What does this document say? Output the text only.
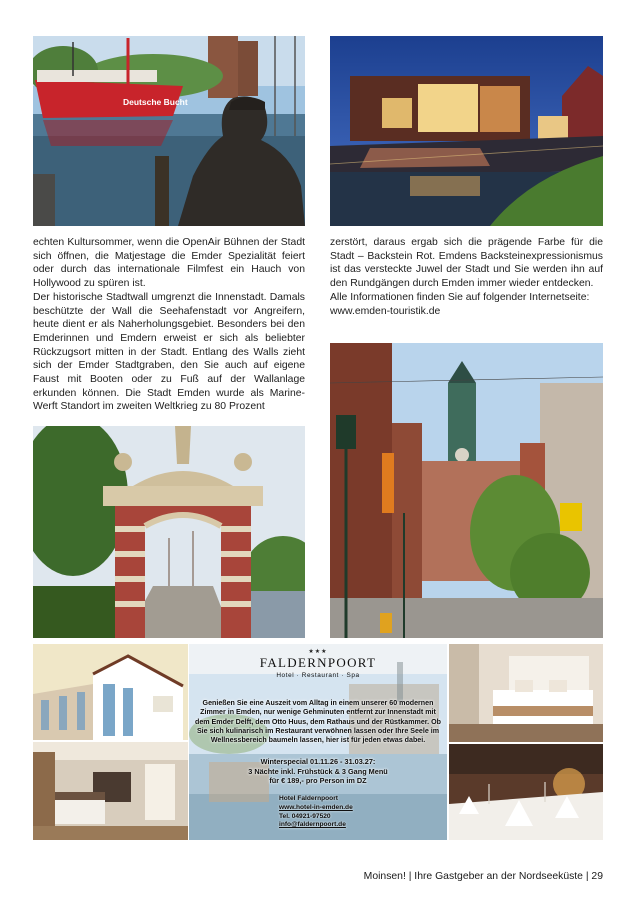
Deutsche Bucht

echten Kultursommer, wenn die OpenAir Bühnen der Stadt sich öffnen, die Matjestage die Emder Spezialität feiert oder durch das internationale Filmfest ein Hauch von Hollywood zu spüren ist.

Der historische Stadtwall umgrenzt die Innenstadt. Damals beschützte der Wall die Seehafenstadt vor Angreifern, heute dient er als Naherholungsgebiet. Besonders bei den Emderinnen und Emdern erweist er sich als beliebter Rückzugsort mitten in der Stadt. Entlang des Walls zieht sich der Emder Stadtgraben, den Sie auch auf eigene Faust mit Booten oder zu Fuß auf der Wallanlage erkunden können. Die Stadt Emden wurde als Marine-Werft Standort im zweiten Weltkrieg zu 80 Prozent

zerstört, daraus ergab sich die prägende Farbe für die Stadt – Backstein Rot. Emdens Backsteinexpressionismus ist das versteckte Juwel der Stadt und Sie werden ihn auf den Rundgängen durch Emden immer wieder entdecken.

Alle Informationen finden Sie auf folgender Internetseite:

www.emden-touristik.de

★★★
FALDERNPOORT
Hotel · Restaurant · Spa
Genießen Sie eine Auszeit vom Alltag in einem unserer 60 modernen Zimmer in Emden, nur wenige Gehminuten entfernt zur Innenstadt mit dem Emder Delft, dem Otto Huus, dem Rathaus und der Rüstkammer. Ob Sie sich kulinarisch im Restaurant verwöhnen lassen oder Ihre Seele im Wellnessbereich baumeln lassen, hier ist für jeden etwas dabei.
Winterspecial 01.11.26 - 31.03.27:
3 Nächte inkl. Frühstück & 3 Gang Menü
für € 189,- pro Person im DZ
Hotel Faldernpoort
www.hotel-in-emden.de
Tel. 04921-97520
info@faldernpoort.de
Moinsen! | Ihre Gastgeber an der Nordseeküste | 29
